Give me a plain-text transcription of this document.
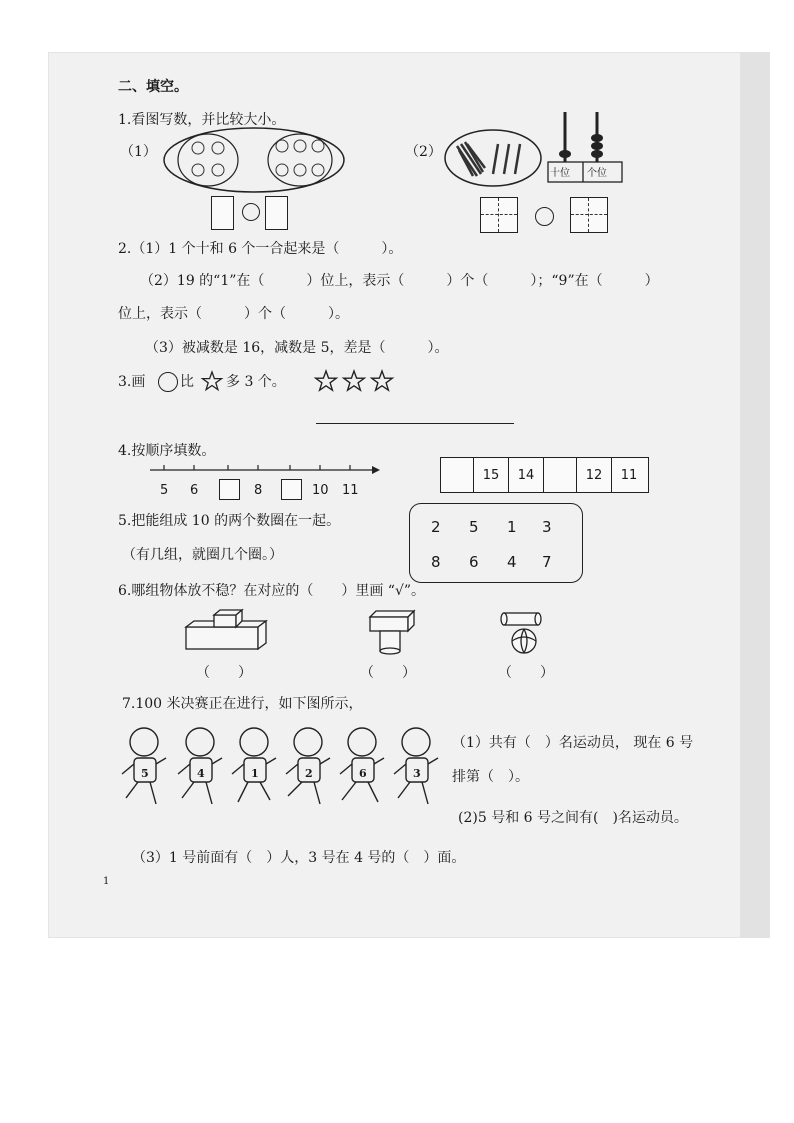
二、填空。
1.看图写数，并比较大小。
（1）	（2）
十位 个位
2.（1）1 个十和 6 个一合起来是（　　　）。
（2）19 的“1”在（　　　）位上，表示（　　　）个（　　　）；“9”在（　　　）
位上，表示（　　　）个（　　　）。
（3）被减数是 16，减数是 5，差是（　　　）。
3.画 比 多 3 个。
4.按顺序填数。
5 6	8	10 11
15	14	12	11
5.把能组成 10 的两个数圈在一起。
（有几组，就圈几个圈。）
2 5 1 3
8 6 4 7
6.哪组物体放不稳？在对应的（　　）里画 “√”。
（　　）	（　　）	（　　）
7.100 米决赛正在进行，如下图所示，
5	4	1	2	6	3
（1）共有（　）名运动员， 现在 6 号
排第（　）。
(2)5 号和 6 号之间有(　)名运动员。
（3）1 号前面有（　）人，3 号在 4 号的（　）面。
1
